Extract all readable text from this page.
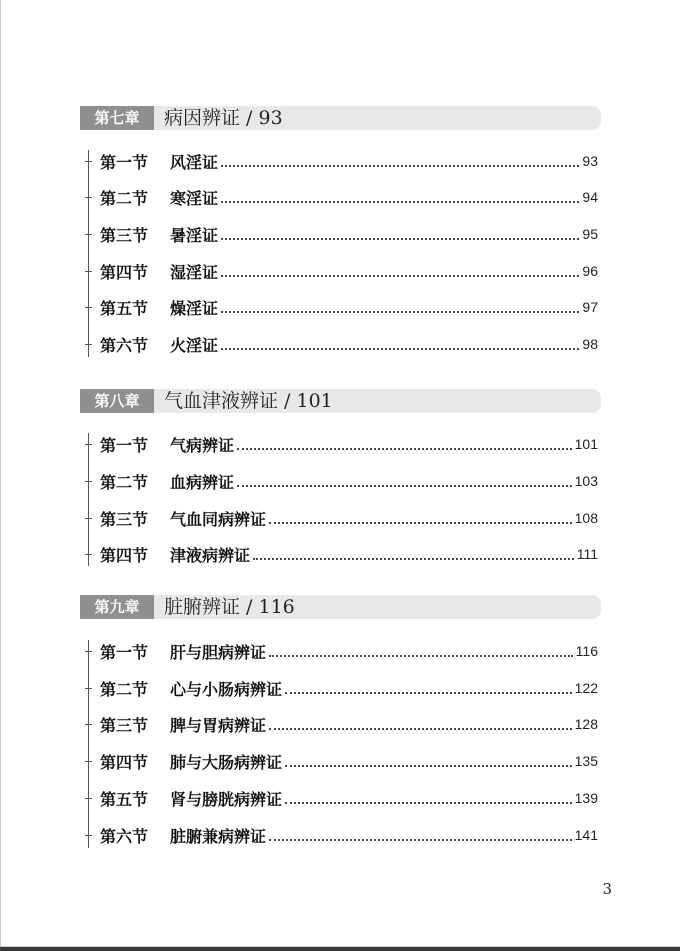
第七章	病因辨证 / 93
第一节	风淫证	93
第二节	寒淫证	94
第三节	暑淫证	95
第四节	湿淫证	96
第五节	燥淫证	97
第六节	火淫证	98
第八章	气血津液辨证 / 101
第一节	气病辨证	101
第二节	血病辨证	103
第三节	气血同病辨证	108
第四节	津液病辨证	111
第九章	脏腑辨证 / 116
第一节	肝与胆病辨证	116
第二节	心与小肠病辨证	122
第三节	脾与胃病辨证	128
第四节	肺与大肠病辨证	135
第五节	肾与膀胱病辨证	139
第六节	脏腑兼病辨证	141
3
